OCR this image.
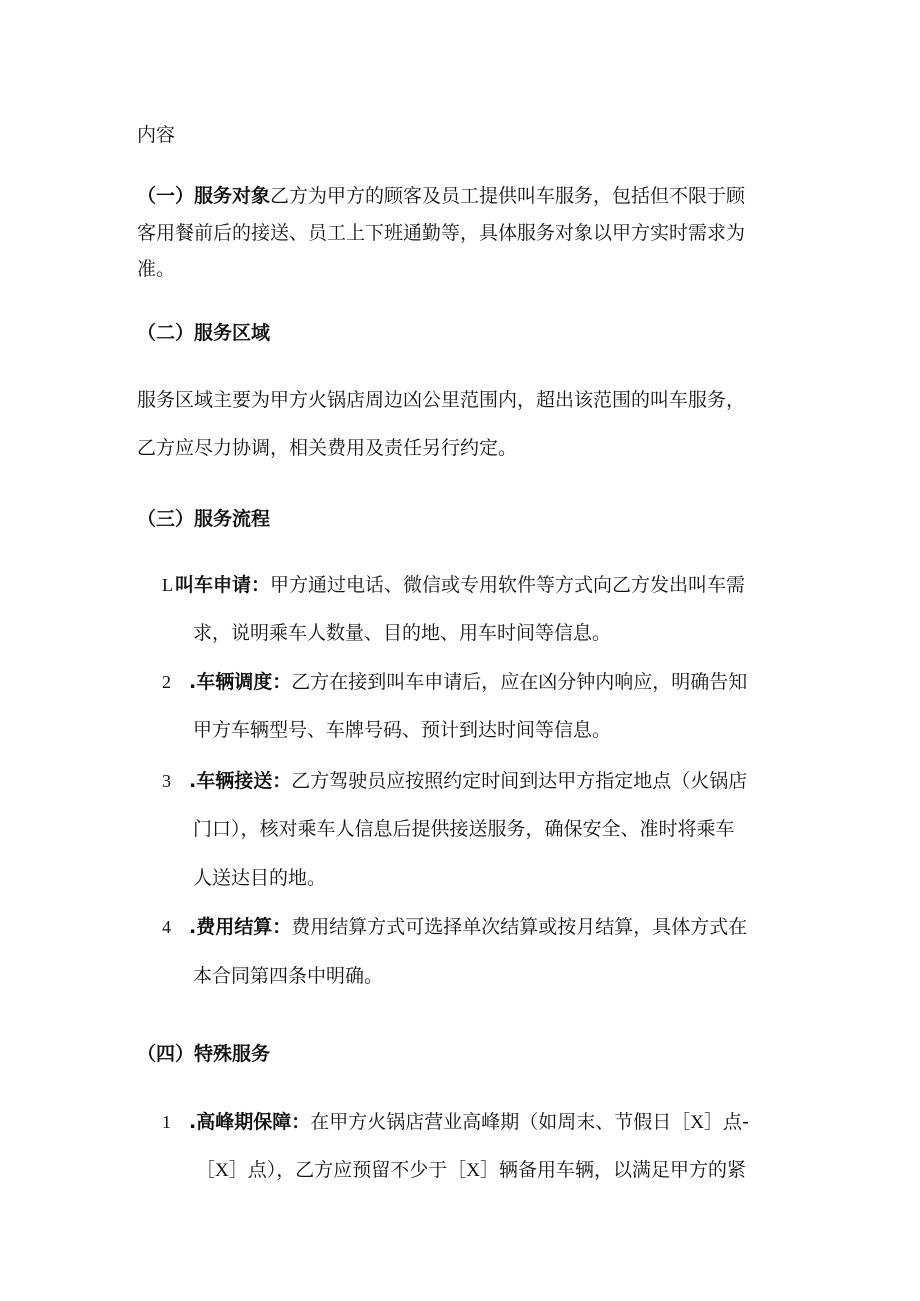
内容
（一）服务对象乙方为甲方的顾客及员工提供叫车服务，包括但不限于顾
客用餐前后的接送、员工上下班通勤等，具体服务对象以甲方实时需求为
准。
（二）服务区域
服务区域主要为甲方火锅店周边凶公里范围内，超出该范围的叫车服务，
乙方应尽力协调，相关费用及责任另行约定。
（三）服务流程
L 叫车申请：甲方通过电话、微信或专用软件等方式向乙方发出叫车需
求，说明乘车人数量、目的地、用车时间等信息。
2 .车辆调度：乙方在接到叫车申请后，应在凶分钟内响应，明确告知
甲方车辆型号、车牌号码、预计到达时间等信息。
3 .车辆接送：乙方驾驶员应按照约定时间到达甲方指定地点（火锅店
门口），核对乘车人信息后提供接送服务，确保安全、准时将乘车
人送达目的地。
4 .费用结算：费用结算方式可选择单次结算或按月结算，具体方式在
本合同第四条中明确。
（四）特殊服务
1 .高峰期保障：在甲方火锅店营业高峰期（如周末、节假日［X］点-
［X］点），乙方应预留不少于［X］辆备用车辆，以满足甲方的紧
